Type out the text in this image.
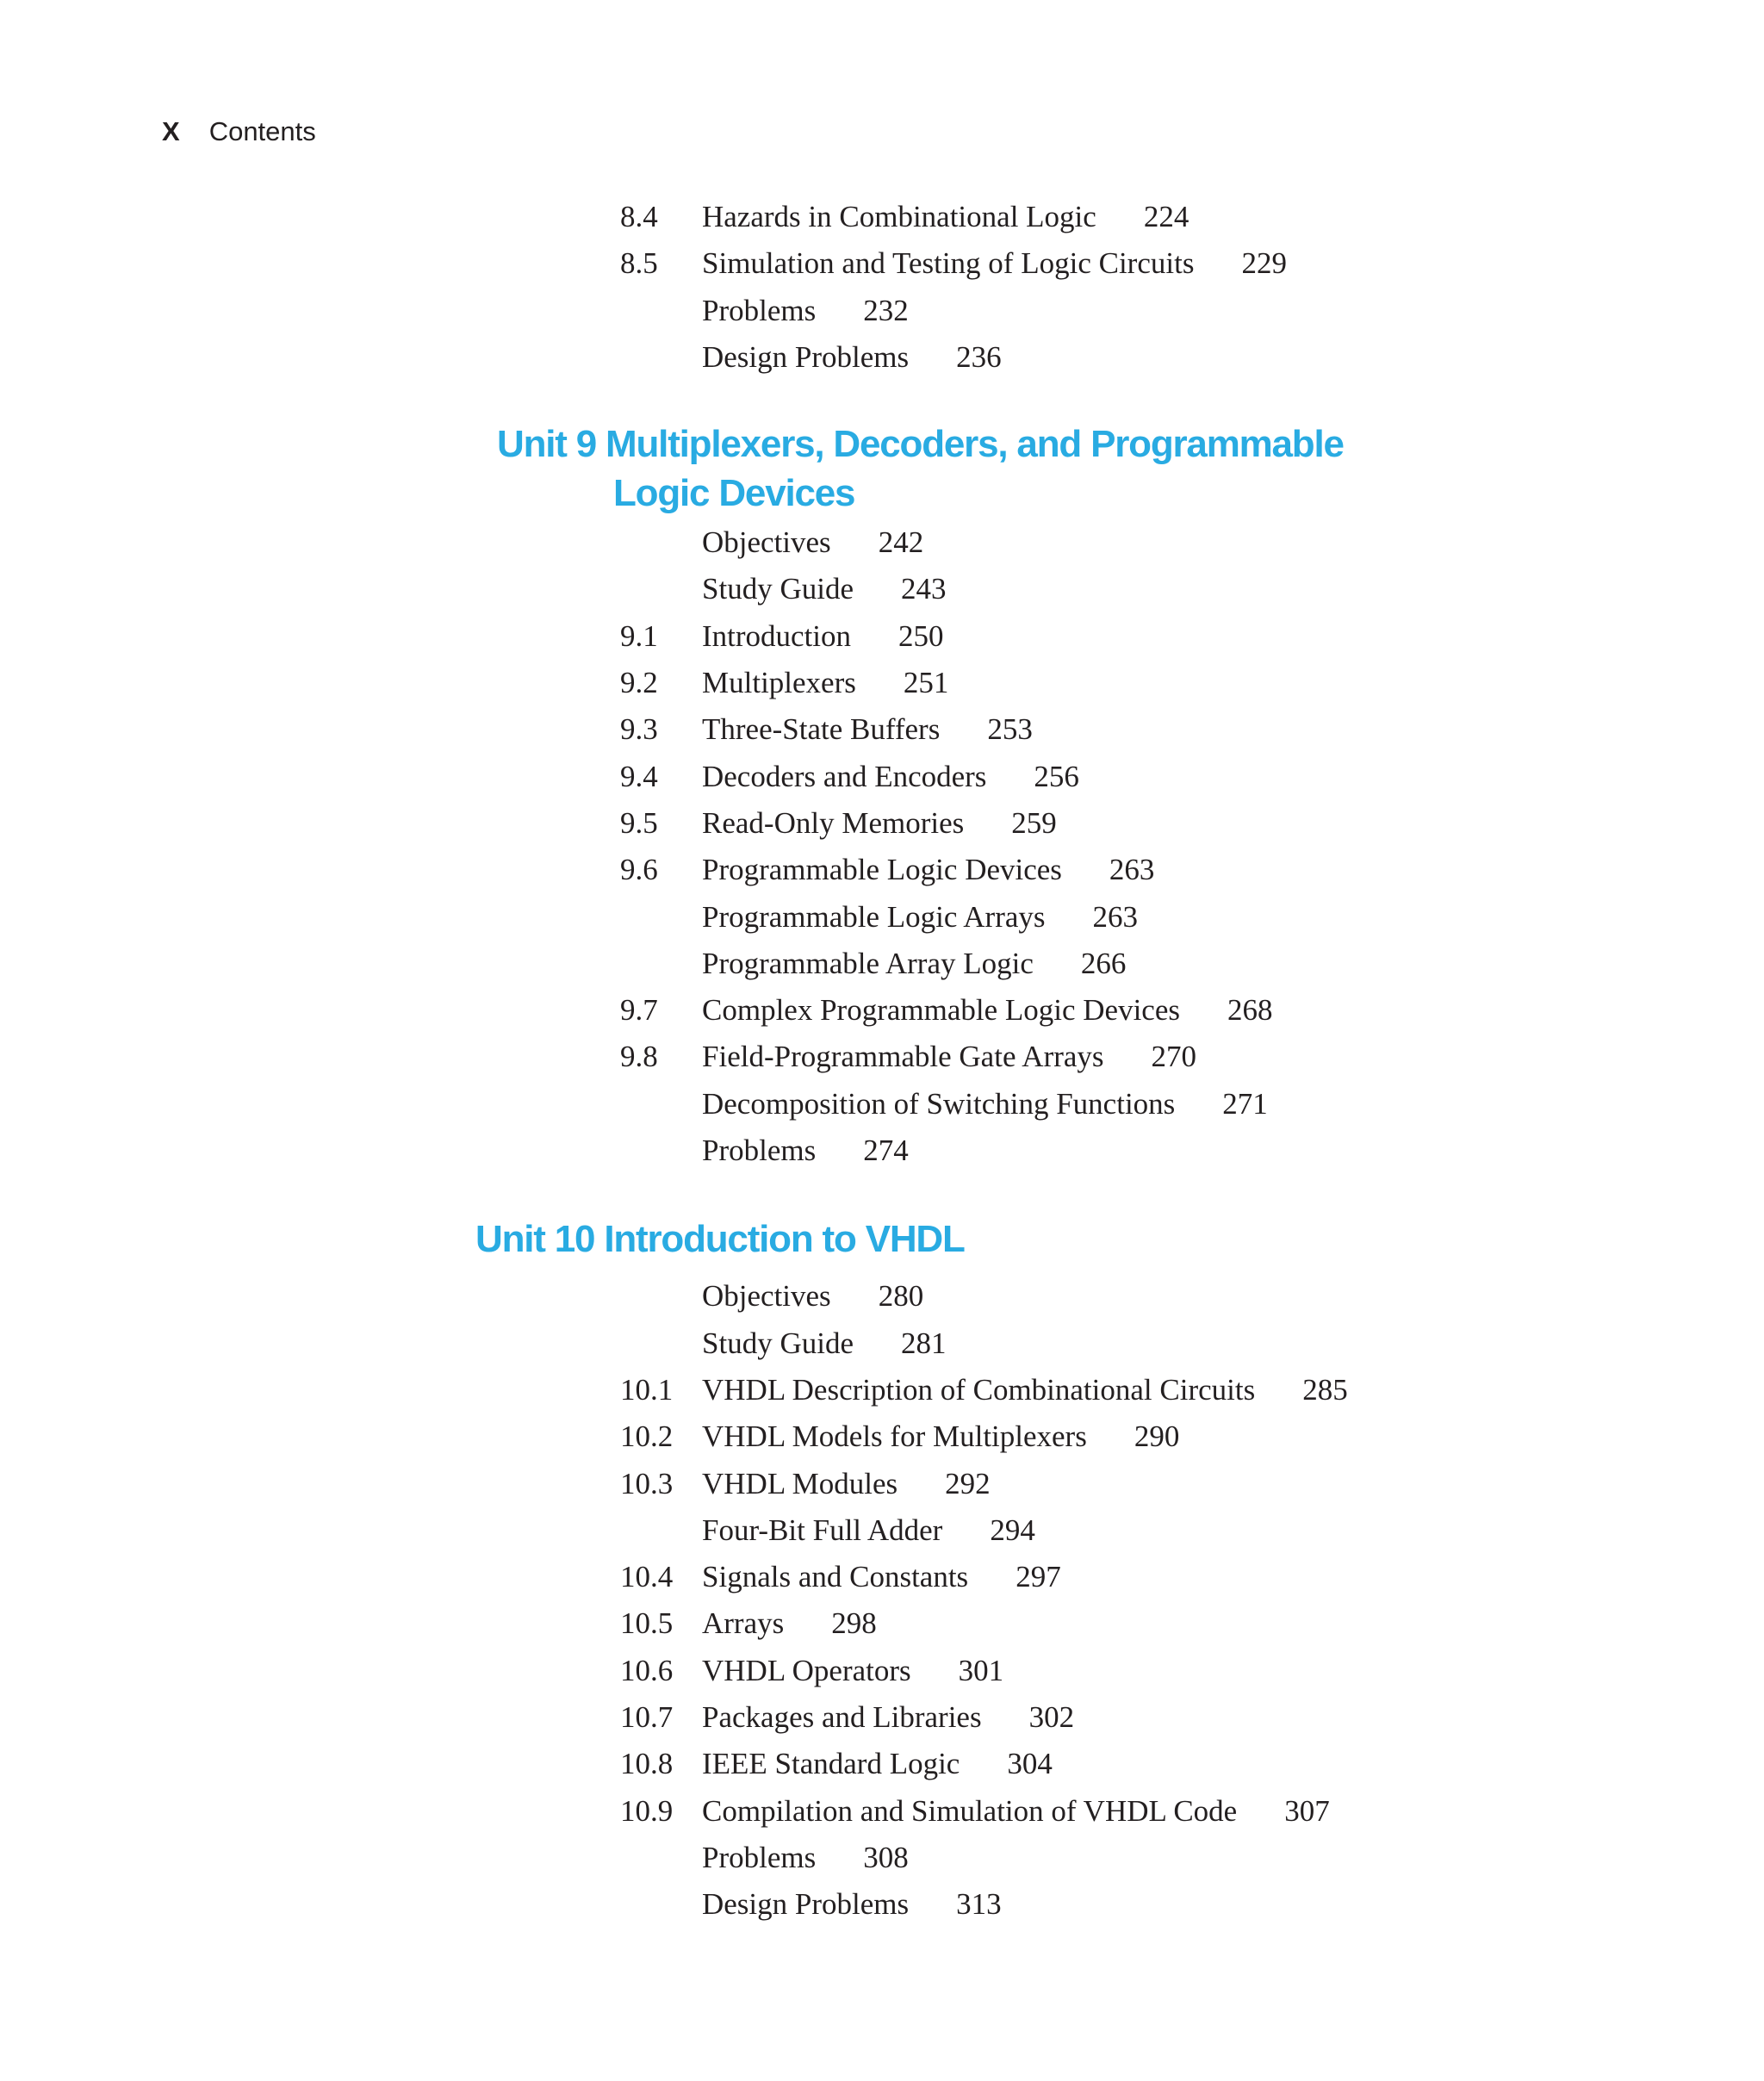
X Contents
8.4 Hazards in Combinational Logic 224
8.5 Simulation and Testing of Logic Circuits 229
Problems 232
Design Problems 236
Unit 9 Multiplexers, Decoders, and Programmable
Logic Devices
Objectives 242
Study Guide 243
9.1 Introduction 250
9.2 Multiplexers 251
9.3 Three-State Buffers 253
9.4 Decoders and Encoders 256
9.5 Read-Only Memories 259
9.6 Programmable Logic Devices 263
Programmable Logic Arrays 263
Programmable Array Logic 266
9.7 Complex Programmable Logic Devices 268
9.8 Field-Programmable Gate Arrays 270
Decomposition of Switching Functions 271
Problems 274
Unit 10 Introduction to VHDL
Objectives 280
Study Guide 281
10.1 VHDL Description of Combinational Circuits 285
10.2 VHDL Models for Multiplexers 290
10.3 VHDL Modules 292
Four-Bit Full Adder 294
10.4 Signals and Constants 297
10.5 Arrays 298
10.6 VHDL Operators 301
10.7 Packages and Libraries 302
10.8 IEEE Standard Logic 304
10.9 Compilation and Simulation of VHDL Code 307
Problems 308
Design Problems 313
